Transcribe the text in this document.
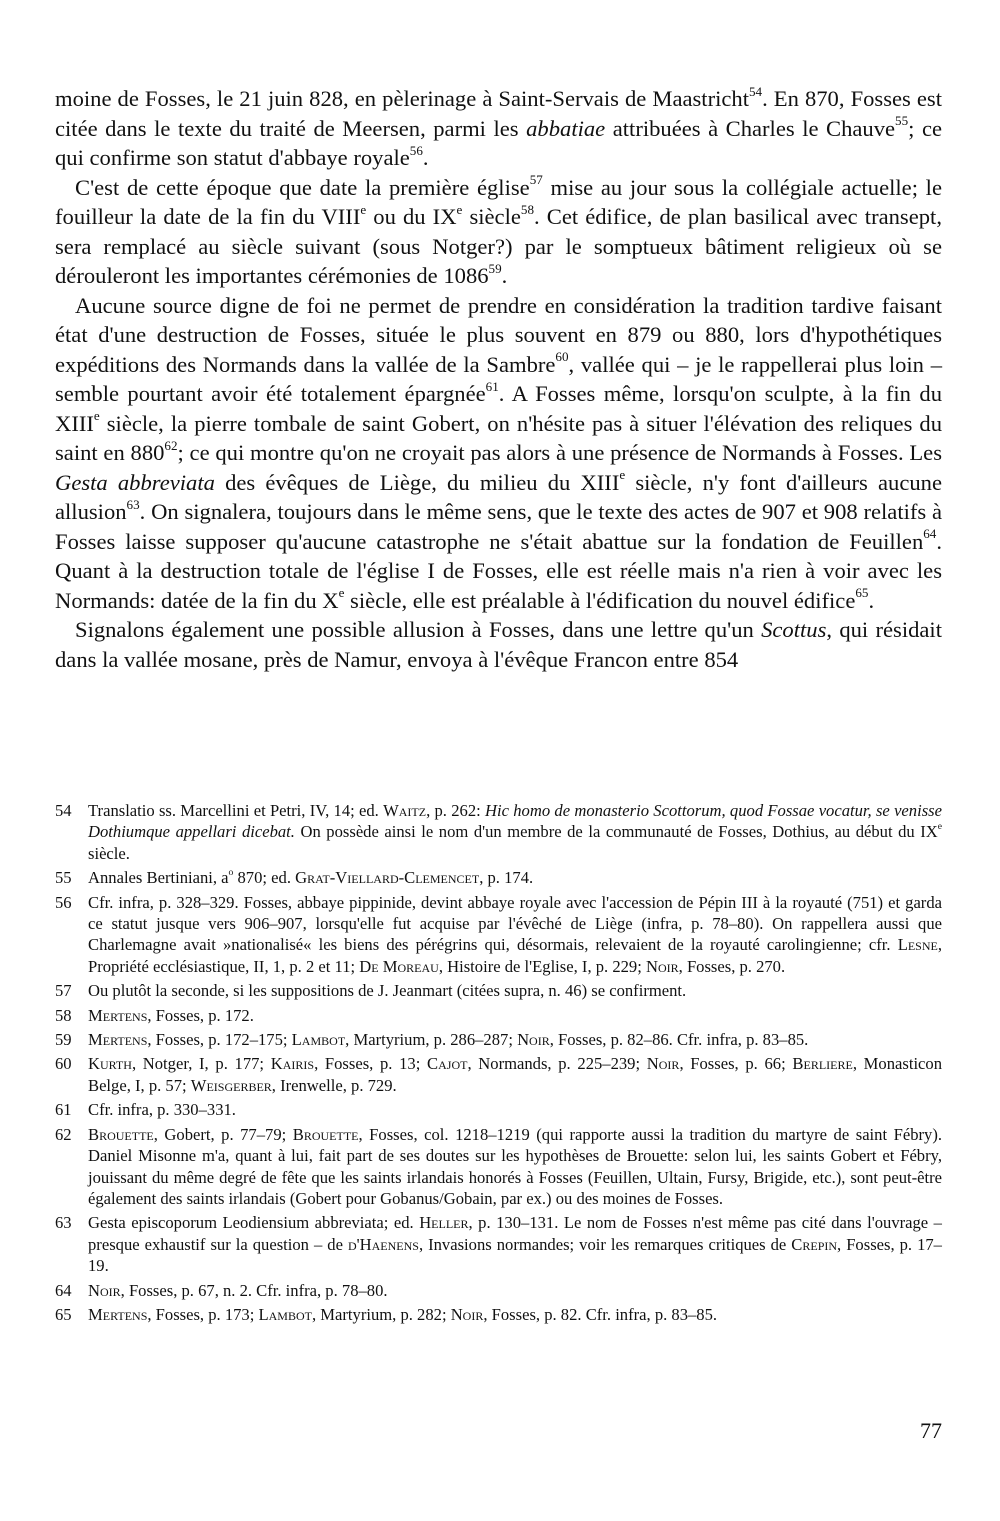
moine de Fosses, le 21 juin 828, en pèlerinage à Saint-Servais de Maastricht$^{54}$. En 870, Fosses est citée dans le texte du traité de Meersen, parmi les abbatiae attribuées à Charles le Chauve$^{55}$; ce qui confirme son statut d'abbaye royale$^{56}$.

C'est de cette époque que date la première église$^{57}$ mise au jour sous la collégiale actuelle; le fouilleur la date de la fin du VIIIe ou du IXe siècle$^{58}$. Cet édifice, de plan basilical avec transept, sera remplacé au siècle suivant (sous Notger?) par le somptueux bâtiment religieux où se dérouleront les importantes cérémonies de 1086$^{59}$.

Aucune source digne de foi ne permet de prendre en considération la tradition tardive faisant état d'une destruction de Fosses, située le plus souvent en 879 ou 880, lors d'hypothétiques expéditions des Normands dans la vallée de la Sambre$^{60}$, vallée qui – je le rappellerai plus loin – semble pourtant avoir été totalement épargnée$^{61}$. A Fosses même, lorsqu'on sculpte, à la fin du XIIIe siècle, la pierre tombale de saint Gobert, on n'hésite pas à situer l'élévation des reliques du saint en $880^{62}$; ce qui montre qu'on ne croyait pas alors à une présence de Normands à Fosses. Les Gesta abbreviata des évêques de Liège, du milieu du XIIIe siècle, n'y font d'ailleurs aucune allusion$^{63}$. On signalera, toujours dans le même sens, que le texte des actes de 907 et 908 relatifs à Fosses laisse supposer qu'aucune catastrophe ne s'était abattue sur la fondation de Feuillen$^{64}$. Quant à la destruction totale de l'église I de Fosses, elle est réelle mais n'a rien à voir avec les Normands: datée de la fin du Xe siècle, elle est préalable à l'édification du nouvel édifice$^{65}$.

Signalons également une possible allusion à Fosses, dans une lettre qu'un Scottus, qui résidait dans la vallée mosane, près de Namur, envoya à l'évêque Francon entre 854

54 Translatio ss. Marcellini et Petri, IV, 14; ed. Waitz, p. 262: Hic homo de monasterio Scottorum, quod Fossae vocatur, se venisse Dothiumque appellari dicebat. On possède ainsi le nom d'un membre de la communauté de Fosses, Dothius, au début du IXe siècle.
55 Annales Bertiniani, $a^o$ 870; ed. Grat-Viellard-Clemencet, p. 174.
56 Cfr. infra, p. 328–329. Fosses, abbaye pippinide, devint abbaye royale avec l'accession de Pépin III à la royauté (751) et garda ce statut jusque vers 906–907, lorsqu'elle fut acquise par l'évêché de Liège (infra, p. 78–80). On rappellera aussi que Charlemagne avait »nationalisé« les biens des pérégrins qui, désormais, relevaient de la royauté carolingienne; cfr. Lesne, Propriété ecclésiastique, II, 1, p. 2 et 11; De Moreau, Histoire de l'Eglise, I, p. 229; Noir, Fosses, p. 270.
57 Ou plutôt la seconde, si les suppositions de J. Jeanmart (citées supra, n. 46) se confirment.
58 Mertens, Fosses, p. 172.
59 Mertens, Fosses, p. 172–175; Lambot, Martyrium, p. 286–287; Noir, Fosses, p. 82–86. Cfr. infra, p. 83–85.
60 Kurth, Notger, I, p. 177; Kairis, Fosses, p. 13; Cajot, Normands, p. 225–239; Noir, Fosses, p. 66; Berliere, Monasticon Belge, I, p. 57; Weisgerber, Irenwelle, p. 729.
61 Cfr. infra, p. 330–331.
62 Brouette, Gobert, p. 77–79; Brouette, Fosses, col. 1218–1219 (qui rapporte aussi la tradition du martyre de saint Fébry). Daniel Misonne m'a, quant à lui, fait part de ses doutes sur les hypothèses de Brouette: selon lui, les saints Gobert et Fébry, jouissant du même degré de fête que les saints irlandais honorés à Fosses (Feuillen, Ultain, Fursy, Brigide, etc.), sont peut-être également des saints irlandais (Gobert pour Gobanus/Gobain, par ex.) ou des moines de Fosses.
63 Gesta episcoporum Leodiensium abbreviata; ed. Heller, p. 130–131. Le nom de Fosses n'est même pas cité dans l'ouvrage – presque exhaustif sur la question – de d'Haenens, Invasions normandes; voir les remarques critiques de Crepin, Fosses, p. 17–19.
64 Noir, Fosses, p. 67, n. 2. Cfr. infra, p. 78–80.
65 Mertens, Fosses, p. 173; Lambot, Martyrium, p. 282; Noir, Fosses, p. 82. Cfr. infra, p. 83–85.
77
